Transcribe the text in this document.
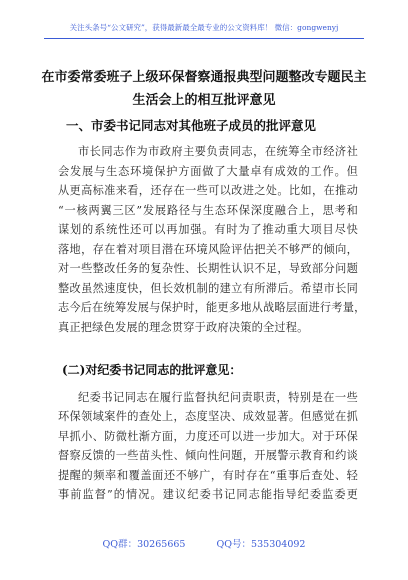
关注头条号“公文研究”，获得最新最全最专业的公文资料库！ 微信：gongwenyj
在市委常委班子上级环保督察通报典型问题整改专题民主
生活会上的相互批评意见
一、市委书记同志对其他班子成员的批评意见
市长同志作为市政府主要负责同志，在统筹全市经济社
会发展与生态环境保护方面做了大量卓有成效的工作。但
从更高标准来看，还存在一些可以改进之处。比如，在推动
“一核两翼三区”发展路径与生态环保深度融合上，思考和
谋划的系统性还可以再加强。有时为了推动重大项目尽快
落地，存在着对项目潜在环境风险评估把关不够严的倾向，
对一些整改任务的复杂性、长期性认识不足，导致部分问题
整改虽然速度快，但长效机制的建立有所滞后。希望市长同
志今后在统筹发展与保护时，能更多地从战略层面进行考量，
真正把绿色发展的理念贯穿于政府决策的全过程。
(二)对纪委书记同志的批评意见：
纪委书记同志在履行监督执纪问责职责，特别是在一些
环保领域案件的查处上，态度坚决、成效显著。但感觉在抓
早抓小、防微杜渐方面，力度还可以进一步加大。对于环保
督察反馈的一些苗头性、倾向性问题，开展警示教育和约谈
提醒的频率和覆盖面还不够广，有时存在“重事后查处、轻
事前监督”的情况。建议纪委书记同志能指导纪委监委更
QQ群：30265665	QQ号：535304092
